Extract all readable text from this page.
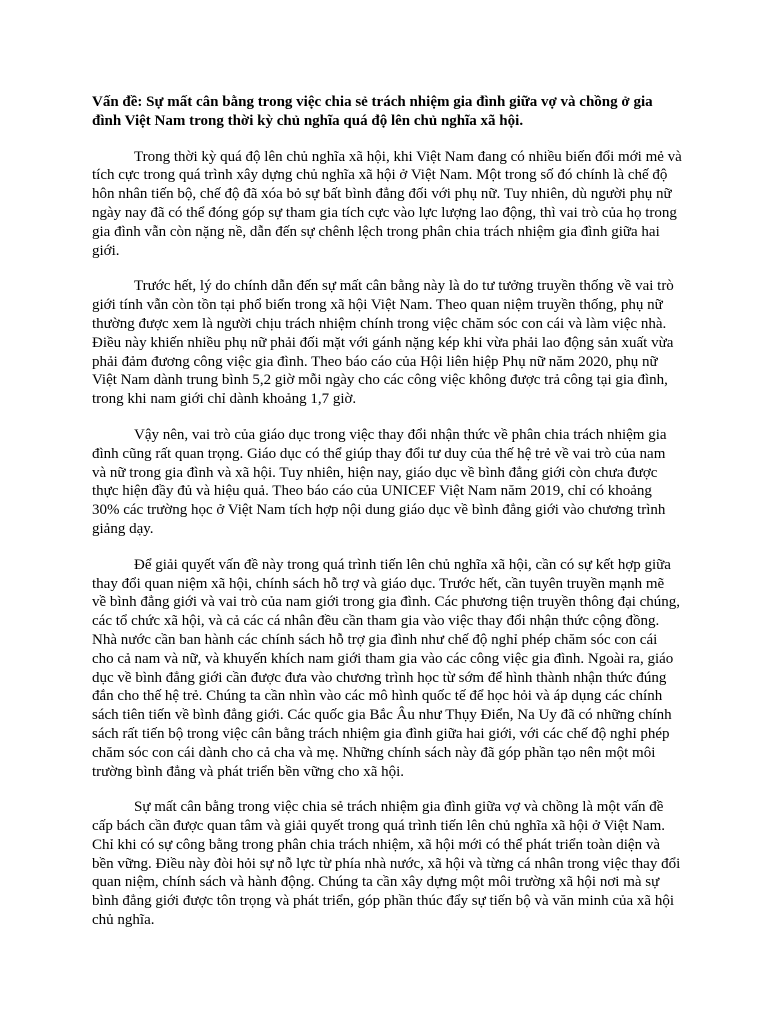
Vấn đề: Sự mất cân bằng trong việc chia sẻ trách nhiệm gia đình giữa vợ và chồng ở gia đình Việt Nam trong thời kỳ chủ nghĩa quá độ lên chủ nghĩa xã hội.

Trong thời kỳ quá độ lên chủ nghĩa xã hội, khi Việt Nam đang có nhiều biến đổi mới mẻ và tích cực trong quá trình xây dựng chủ nghĩa xã hội ở Việt Nam. Một trong số đó chính là chế độ hôn nhân tiến bộ, chế độ đã xóa bỏ sự bất bình đẳng đối với phụ nữ. Tuy nhiên, dù người phụ nữ ngày nay đã có thể đóng góp sự tham gia tích cực vào lực lượng lao động, thì vai trò của họ trong gia đình vẫn còn nặng nề, dẫn đến sự chênh lệch trong phân chia trách nhiệm gia đình giữa hai giới.

Trước hết, lý do chính dẫn đến sự mất cân bằng này là do tư tưởng truyền thống về vai trò giới tính vẫn còn tồn tại phổ biến trong xã hội Việt Nam. Theo quan niệm truyền thống, phụ nữ thường được xem là người chịu trách nhiệm chính trong việc chăm sóc con cái và làm việc nhà. Điều này khiến nhiều phụ nữ phải đối mặt với gánh nặng kép khi vừa phải lao động sản xuất vừa phải đảm đương công việc gia đình. Theo báo cáo của Hội liên hiệp Phụ nữ năm 2020, phụ nữ Việt Nam dành trung bình 5,2 giờ mỗi ngày cho các công việc không được trả công tại gia đình, trong khi nam giới chỉ dành khoảng 1,7 giờ.

Vậy nên, vai trò của giáo dục trong việc thay đổi nhận thức về phân chia trách nhiệm gia đình cũng rất quan trọng. Giáo dục có thể giúp thay đổi tư duy của thế hệ trẻ về vai trò của nam và nữ trong gia đình và xã hội. Tuy nhiên, hiện nay, giáo dục về bình đẳng giới còn chưa được thực hiện đầy đủ và hiệu quả. Theo báo cáo của UNICEF Việt Nam năm 2019, chỉ có khoảng 30% các trường học ở Việt Nam tích hợp nội dung giáo dục về bình đẳng giới vào chương trình giảng dạy.

Để giải quyết vấn đề này trong quá trình tiến lên chủ nghĩa xã hội, cần có sự kết hợp giữa thay đổi quan niệm xã hội, chính sách hỗ trợ và giáo dục. Trước hết, cần tuyên truyền mạnh mẽ về bình đẳng giới và vai trò của nam giới trong gia đình. Các phương tiện truyền thông đại chúng, các tổ chức xã hội, và cả các cá nhân đều cần tham gia vào việc thay đổi nhận thức cộng đồng. Nhà nước cần ban hành các chính sách hỗ trợ gia đình như chế độ nghỉ phép chăm sóc con cái cho cả nam và nữ, và khuyến khích nam giới tham gia vào các công việc gia đình. Ngoài ra, giáo dục về bình đẳng giới cần được đưa vào chương trình học từ sớm để hình thành nhận thức đúng đắn cho thế hệ trẻ. Chúng ta cần nhìn vào các mô hình quốc tế để học hỏi và áp dụng các chính sách tiên tiến về bình đẳng giới. Các quốc gia Bắc Âu như Thụy Điển, Na Uy đã có những chính sách rất tiến bộ trong việc cân bằng trách nhiệm gia đình giữa hai giới, với các chế độ nghỉ phép chăm sóc con cái dành cho cả cha và mẹ. Những chính sách này đã góp phần tạo nên một môi trường bình đẳng và phát triển bền vững cho xã hội.

Sự mất cân bằng trong việc chia sẻ trách nhiệm gia đình giữa vợ và chồng là một vấn đề cấp bách cần được quan tâm và giải quyết trong quá trình tiến lên chủ nghĩa xã hội ở Việt Nam. Chỉ khi có sự công bằng trong phân chia trách nhiệm, xã hội mới có thể phát triển toàn diện và bền vững. Điều này đòi hỏi sự nỗ lực từ phía nhà nước, xã hội và từng cá nhân trong việc thay đổi quan niệm, chính sách và hành động. Chúng ta cần xây dựng một môi trường xã hội nơi mà sự bình đẳng giới được tôn trọng và phát triển, góp phần thúc đẩy sự tiến bộ và văn minh của xã hội chủ nghĩa.
